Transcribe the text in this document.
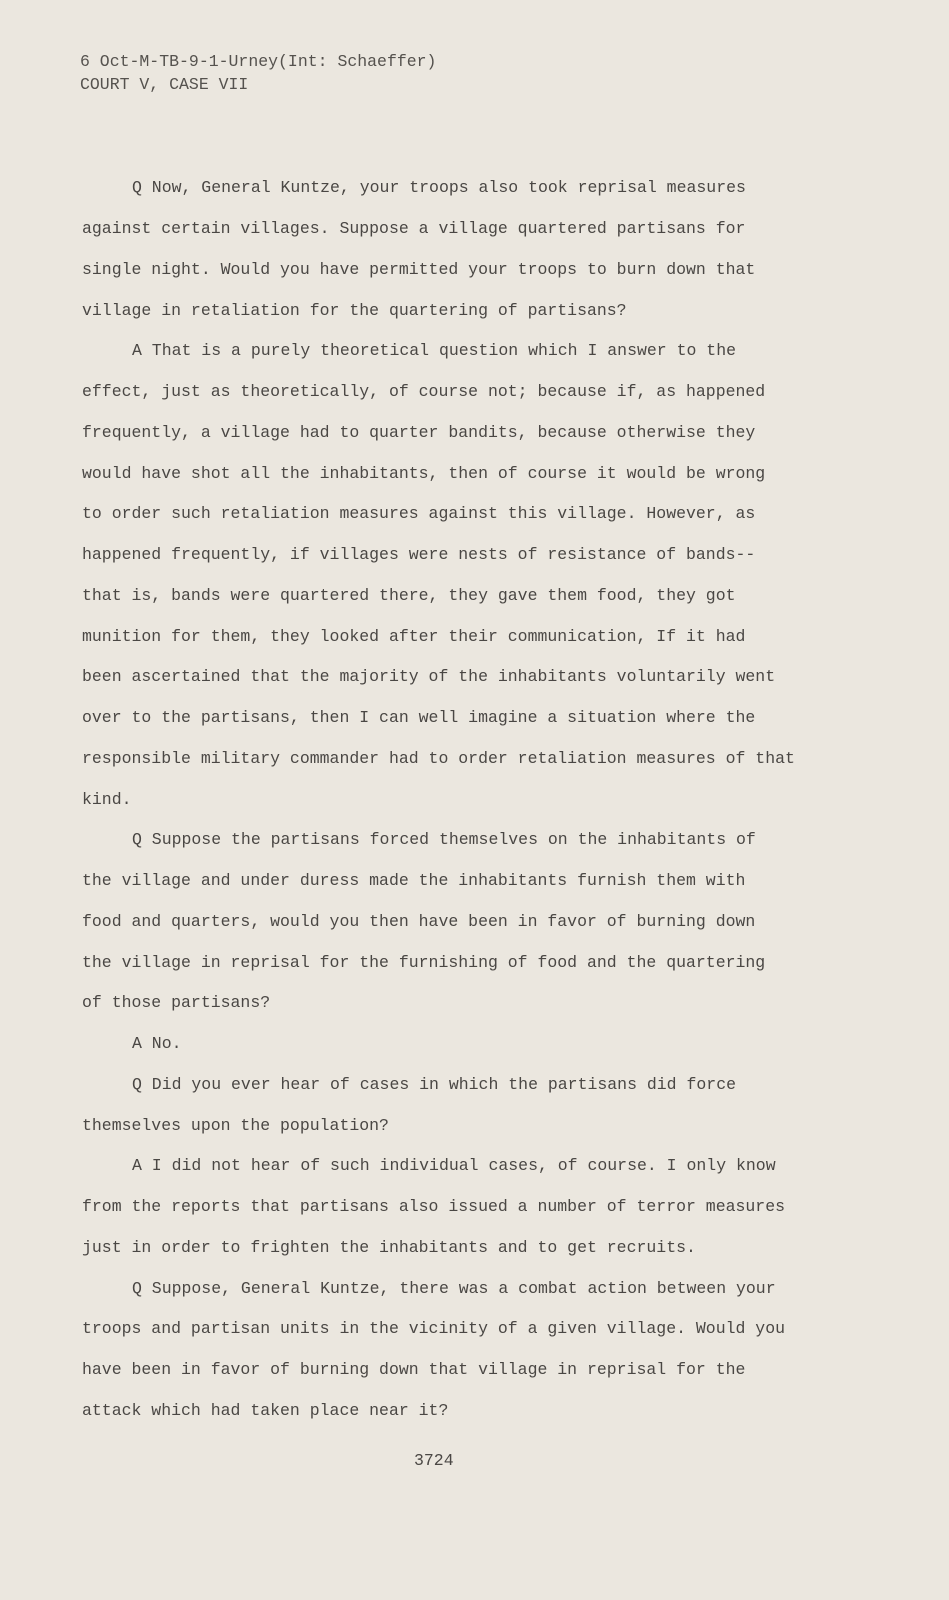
6 Oct-M-TB-9-1-Urney(Int: Schaeffer)
COURT V, CASE VII
Q Now, General Kuntze, your troops also took reprisal measures
against certain villages. Suppose a village quartered partisans for
single night. Would you have permitted your troops to burn down that
village in retaliation for the quartering of partisans?
A That is a purely theoretical question which I answer to the
effect, just as theoretically, of course not; because if, as happened
frequently, a village had to quarter bandits, because otherwise they
would have shot all the inhabitants, then of course it would be wrong
to order such retaliation measures against this village. However, as
happened frequently, if villages were nests of resistance of bands--
that is, bands were quartered there, they gave them food, they got
munition for them, they looked after their communication, If it had
been ascertained that the majority of the inhabitants voluntarily went
over to the partisans, then I can well imagine a situation where the
responsible military commander had to order retaliation measures of that
kind.
Q Suppose the partisans forced themselves on the inhabitants of
the village and under duress made the inhabitants furnish them with
food and quarters, would you then have been in favor of burning down
the village in reprisal for the furnishing of food and the quartering
of those partisans?
A No.
Q Did you ever hear of cases in which the partisans did force
themselves upon the population?
A I did not hear of such individual cases, of course. I only know
from the reports that partisans also issued a number of terror measures
just in order to frighten the inhabitants and to get recruits.
Q Suppose, General Kuntze, there was a combat action between your
troops and partisan units in the vicinity of a given village. Would you
have been in favor of burning down that village in reprisal for the
attack which had taken place near it?
3724
